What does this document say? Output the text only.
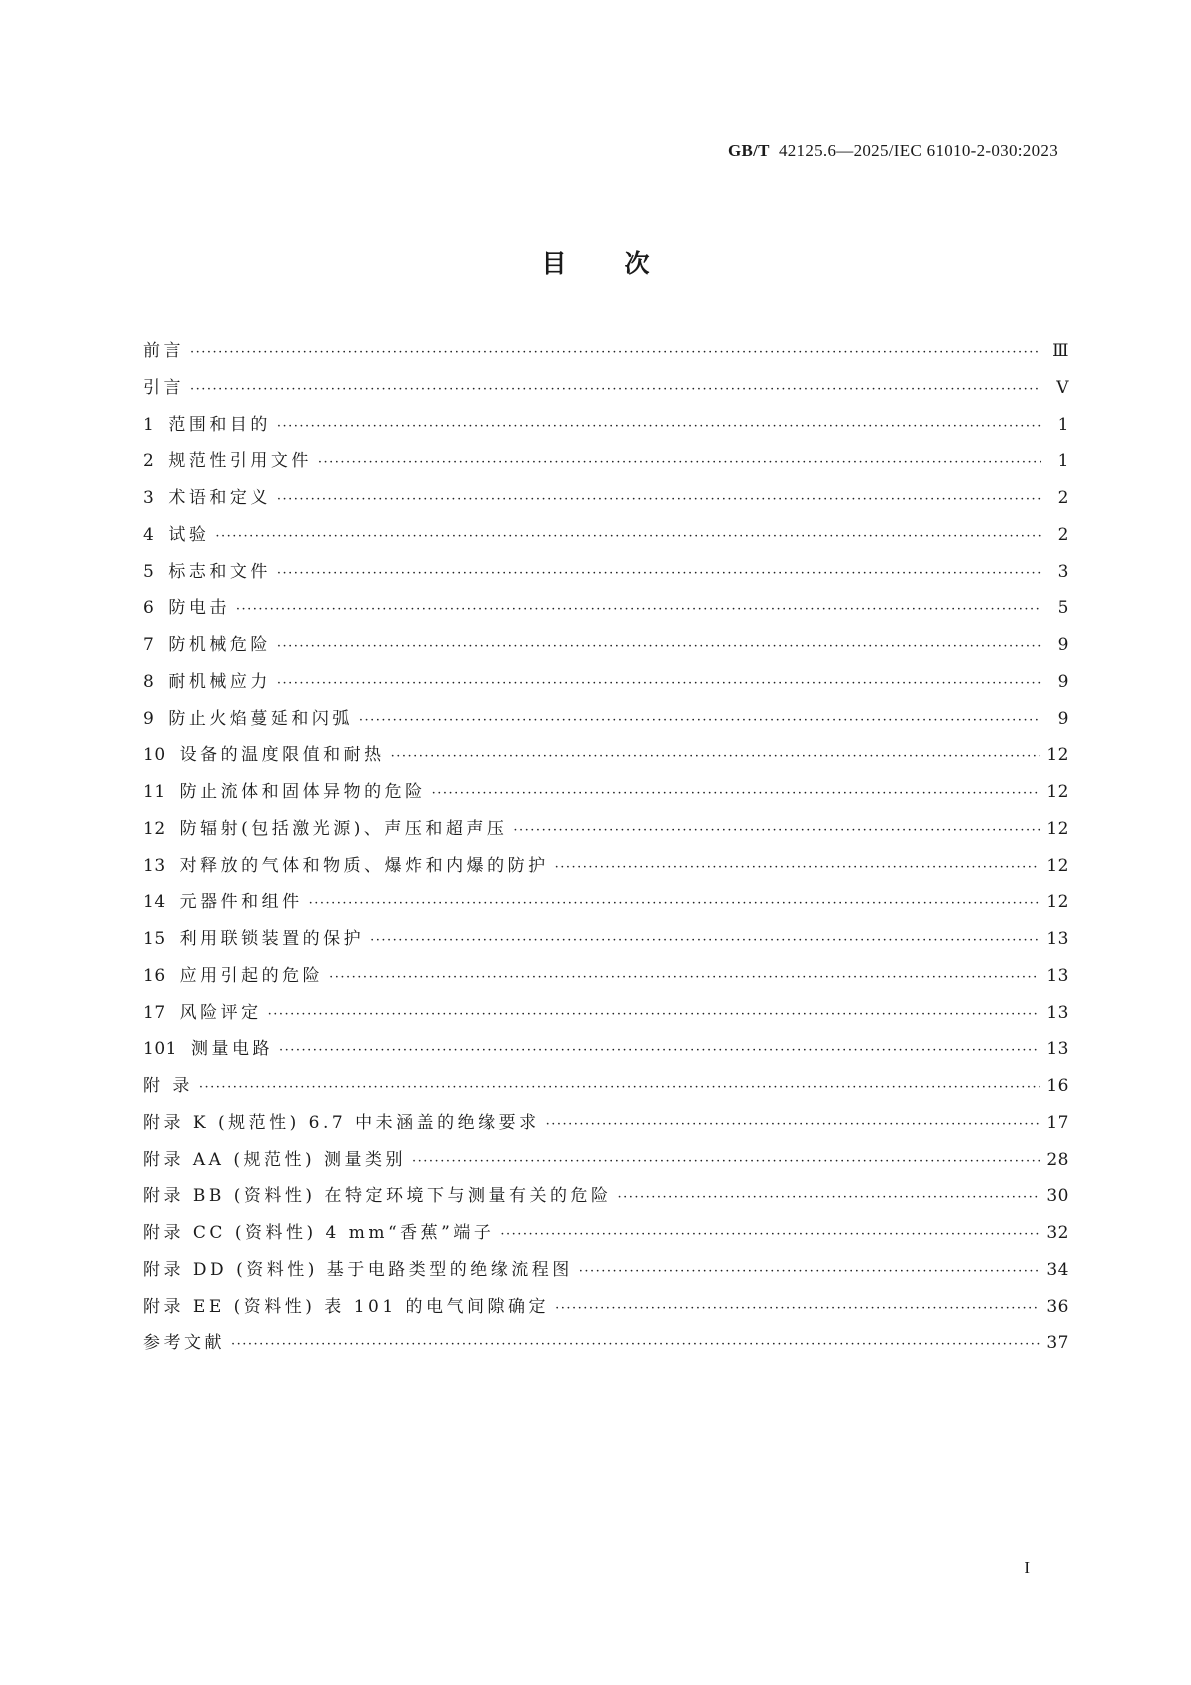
GB/T 42125.6—2025/IEC 61010-2-030:2023
目 次
前言 ·····	Ⅲ
引言 ·····	Ⅴ
1 范围和目的 ·····	1
2 规范性引用文件 ·····	1
3 术语和定义 ·····	2
4 试验 ·····	2
5 标志和文件 ·····	3
6 防电击 ·····	5
7 防机械危险 ·····	9
8 耐机械应力 ·····	9
9 防止火焰蔓延和闪弧 ·····	9
10 设备的温度限值和耐热 ·····	12
11 防止流体和固体异物的危险 ·····	12
12 防辐射(包括激光源)、声压和超声压 ·····	12
13 对释放的气体和物质、爆炸和内爆的防护 ·····	12
14 元器件和组件 ·····	12
15 利用联锁装置的保护 ·····	13
16 应用引起的危险 ·····	13
17 风险评定 ·····	13
101 测量电路 ·····	13
附 录 ·····	16
附录 K (规范性) 6.7 中未涵盖的绝缘要求 ·····	17
附录 AA (规范性) 测量类别 ·····	28
附录 BB (资料性) 在特定环境下与测量有关的危险 ·····	30
附录 CC (资料性) 4 mm“香蕉”端子 ·····	32
附录 DD (资料性) 基于电路类型的绝缘流程图 ·····	34
附录 EE (资料性) 表 101 的电气间隙确定 ·····	36
参考文献 ·····	37
I
